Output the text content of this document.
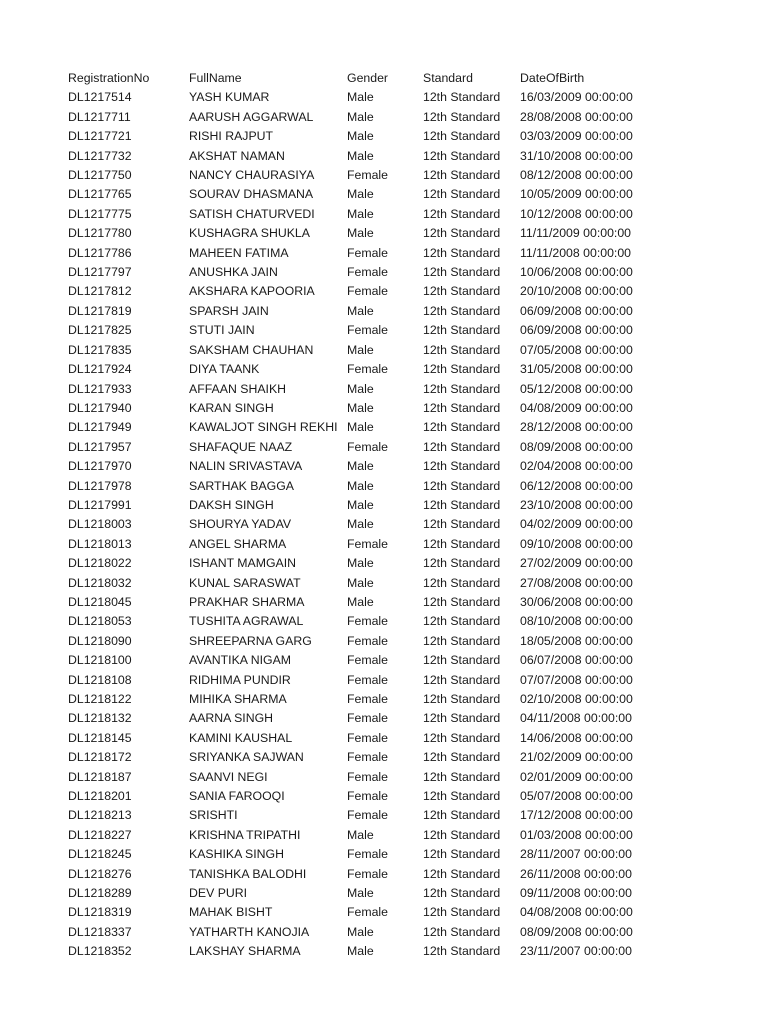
RegistrationNo	FullName	Gender	Standard	DateOfBirth
DL1217514	YASH KUMAR	Male	12th Standard	16/03/2009 00:00:00
DL1217711	AARUSH AGGARWAL	Male	12th Standard	28/08/2008 00:00:00
DL1217721	RISHI RAJPUT	Male	12th Standard	03/03/2009 00:00:00
DL1217732	AKSHAT NAMAN	Male	12th Standard	31/10/2008 00:00:00
DL1217750	NANCY CHAURASIYA	Female	12th Standard	08/12/2008 00:00:00
DL1217765	SOURAV DHASMANA	Male	12th Standard	10/05/2009 00:00:00
DL1217775	SATISH CHATURVEDI	Male	12th Standard	10/12/2008 00:00:00
DL1217780	KUSHAGRA SHUKLA	Male	12th Standard	11/11/2009 00:00:00
DL1217786	MAHEEN FATIMA	Female	12th Standard	11/11/2008 00:00:00
DL1217797	ANUSHKA JAIN	Female	12th Standard	10/06/2008 00:00:00
DL1217812	AKSHARA KAPOORIA	Female	12th Standard	20/10/2008 00:00:00
DL1217819	SPARSH JAIN	Male	12th Standard	06/09/2008 00:00:00
DL1217825	STUTI JAIN	Female	12th Standard	06/09/2008 00:00:00
DL1217835	SAKSHAM CHAUHAN	Male	12th Standard	07/05/2008 00:00:00
DL1217924	DIYA TAANK	Female	12th Standard	31/05/2008 00:00:00
DL1217933	AFFAAN SHAIKH	Male	12th Standard	05/12/2008 00:00:00
DL1217940	KARAN SINGH	Male	12th Standard	04/08/2009 00:00:00
DL1217949	KAWALJOT SINGH REKHI	Male	12th Standard	28/12/2008 00:00:00
DL1217957	SHAFAQUE NAAZ	Female	12th Standard	08/09/2008 00:00:00
DL1217970	NALIN SRIVASTAVA	Male	12th Standard	02/04/2008 00:00:00
DL1217978	SARTHAK BAGGA	Male	12th Standard	06/12/2008 00:00:00
DL1217991	DAKSH SINGH	Male	12th Standard	23/10/2008 00:00:00
DL1218003	SHOURYA YADAV	Male	12th Standard	04/02/2009 00:00:00
DL1218013	ANGEL SHARMA	Female	12th Standard	09/10/2008 00:00:00
DL1218022	ISHANT MAMGAIN	Male	12th Standard	27/02/2009 00:00:00
DL1218032	KUNAL SARASWAT	Male	12th Standard	27/08/2008 00:00:00
DL1218045	PRAKHAR SHARMA	Male	12th Standard	30/06/2008 00:00:00
DL1218053	TUSHITA AGRAWAL	Female	12th Standard	08/10/2008 00:00:00
DL1218090	SHREEPARNA GARG	Female	12th Standard	18/05/2008 00:00:00
DL1218100	AVANTIKA NIGAM	Female	12th Standard	06/07/2008 00:00:00
DL1218108	RIDHIMA PUNDIR	Female	12th Standard	07/07/2008 00:00:00
DL1218122	MIHIKA SHARMA	Female	12th Standard	02/10/2008 00:00:00
DL1218132	AARNA SINGH	Female	12th Standard	04/11/2008 00:00:00
DL1218145	KAMINI KAUSHAL	Female	12th Standard	14/06/2008 00:00:00
DL1218172	SRIYANKA SAJWAN	Female	12th Standard	21/02/2009 00:00:00
DL1218187	SAANVI NEGI	Female	12th Standard	02/01/2009 00:00:00
DL1218201	SANIA FAROOQI	Female	12th Standard	05/07/2008 00:00:00
DL1218213	SRISHTI	Female	12th Standard	17/12/2008 00:00:00
DL1218227	KRISHNA TRIPATHI	Male	12th Standard	01/03/2008 00:00:00
DL1218245	KASHIKA SINGH	Female	12th Standard	28/11/2007 00:00:00
DL1218276	TANISHKA BALODHI	Female	12th Standard	26/11/2008 00:00:00
DL1218289	DEV PURI	Male	12th Standard	09/11/2008 00:00:00
DL1218319	MAHAK BISHT	Female	12th Standard	04/08/2008 00:00:00
DL1218337	YATHARTH KANOJIA	Male	12th Standard	08/09/2008 00:00:00
DL1218352	LAKSHAY SHARMA	Male	12th Standard	23/11/2007 00:00:00
